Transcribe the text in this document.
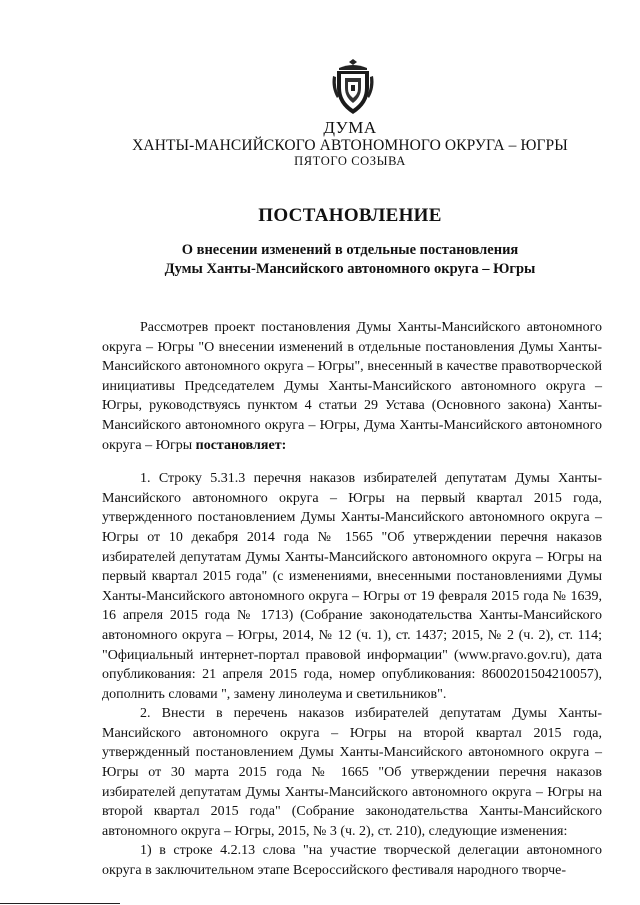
ДУМА
ХАНТЫ-МАНСИЙСКОГО АВТОНОМНОГО ОКРУГА – ЮГРЫ
ПЯТОГО СОЗЫВА
ПОСТАНОВЛЕНИЕ
О внесении изменений в отдельные постановления
Думы Ханты-Мансийского автономного округа – Югры

Рассмотрев проект постановления Думы Ханты-Мансийского автономного округа – Югры "О внесении изменений в отдельные постановления Думы Ханты-Мансийского автономного округа – Югры", внесенный в качестве правотворческой инициативы Председателем Думы Ханты-Мансийского автономного округа – Югры, руководствуясь пунктом 4 статьи 29 Устава (Основного закона) Ханты-Мансийского автономного округа – Югры, Дума Ханты-Мансийского автономного округа – Югры постановляет:

1. Строку 5.31.3 перечня наказов избирателей депутатам Думы Ханты-Мансийского автономного округа – Югры на первый квартал 2015 года, утвержденного постановлением Думы Ханты-Мансийского автономного округа – Югры от 10 декабря 2014 года № 1565 "Об утверждении перечня наказов избирателей депутатам Думы Ханты-Мансийского автономного округа – Югры на первый квартал 2015 года" (с изменениями, внесенными постановлениями Думы Ханты-Мансийского автономного округа – Югры от 19 февраля 2015 года № 1639, 16 апреля 2015 года № 1713) (Собрание законодательства Ханты-Мансийского автономного округа – Югры, 2014, № 12 (ч. 1), ст. 1437; 2015, № 2 (ч. 2), ст. 114; "Официальный интернет-портал правовой информации" (www.pravo.gov.ru), дата опубликования: 21 апреля 2015 года, номер опубликования: 8600201504210057), дополнить словами ", замену линолеума и светильников".

2. Внести в перечень наказов избирателей депутатам Думы Ханты-Мансийского автономного округа – Югры на второй квартал 2015 года, утвержденный постановлением Думы Ханты-Мансийского автономного округа – Югры от 30 марта 2015 года № 1665 "Об утверждении перечня наказов избирателей депутатам Думы Ханты-Мансийского автономного округа – Югры на второй квартал 2015 года" (Собрание законодательства Ханты-Мансийского автономного округа – Югры, 2015, № 3 (ч. 2), ст. 210), следующие изменения:

1) в строке 4.2.13 слова "на участие творческой делегации автономного округа в заключительном этапе Всероссийского фестиваля народного творче-
